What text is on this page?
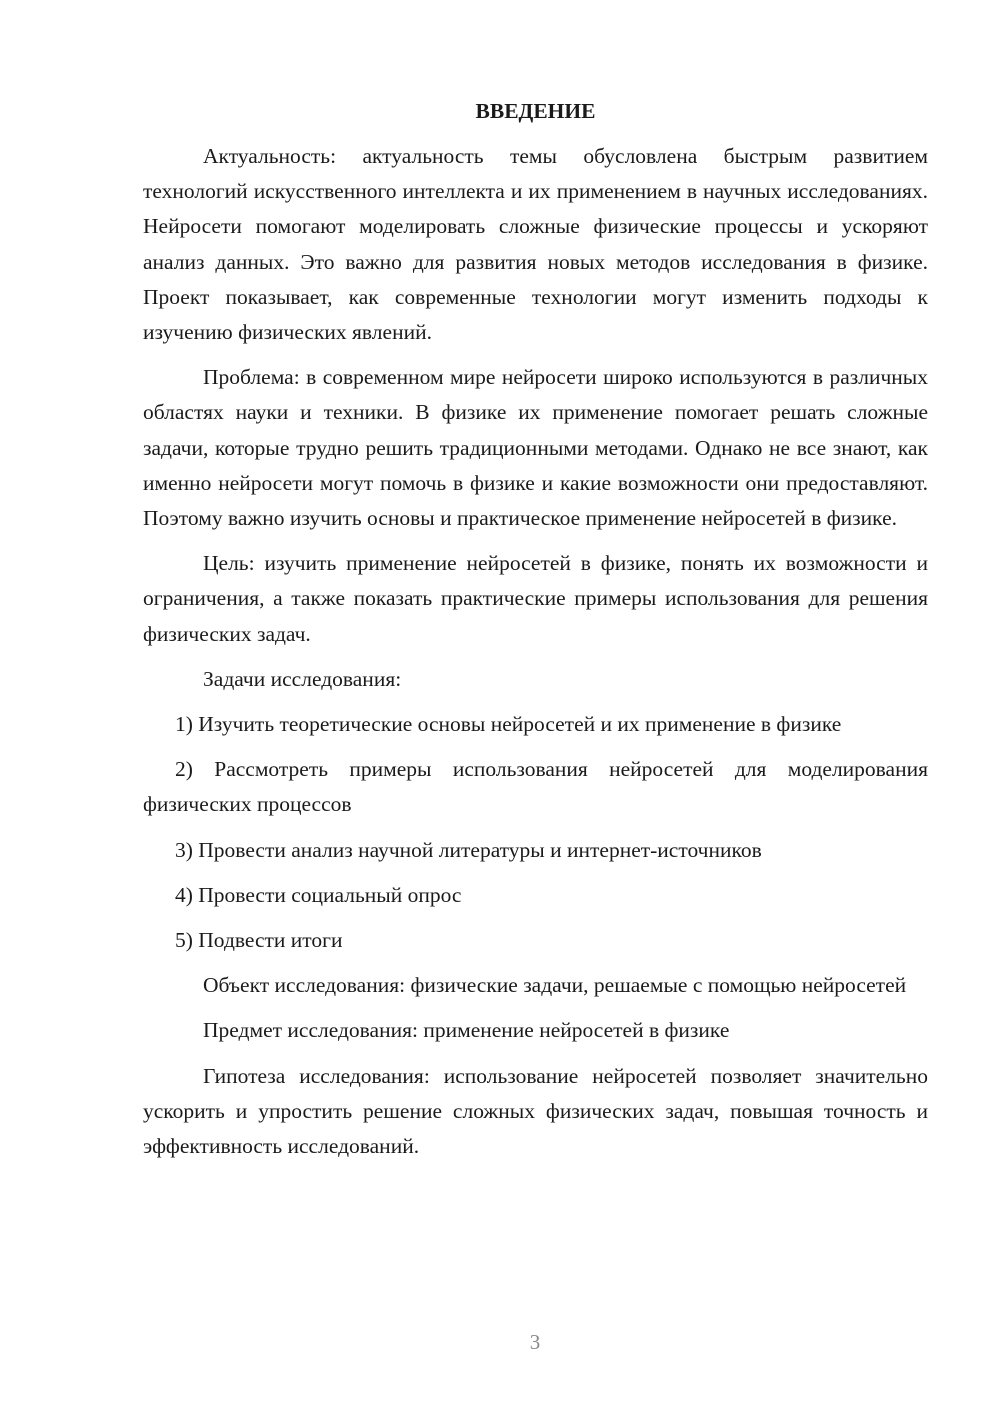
ВВЕДЕНИЕ

Актуальность: актуальность темы обусловлена быстрым развитием технологий искусственного интеллекта и их применением в научных исследованиях. Нейросети помогают моделировать сложные физические процессы и ускоряют анализ данных. Это важно для развития новых методов исследования в физике. Проект показывает, как современные технологии могут изменить подходы к изучению физических явлений.

Проблема: в современном мире нейросети широко используются в различных областях науки и техники. В физике их применение помогает решать сложные задачи, которые трудно решить традиционными методами. Однако не все знают, как именно нейросети могут помочь в физике и какие возможности они предоставляют. Поэтому важно изучить основы и практическое применение нейросетей в физике.

Цель: изучить применение нейросетей в физике, понять их возможности и ограничения, а также показать практические примеры использования для решения физических задач.

Задачи исследования:

1) Изучить теоретические основы нейросетей и их применение в физике

2) Рассмотреть примеры использования нейросетей для моделирования физических процессов

3) Провести анализ научной литературы и интернет-источников

4) Провести социальный опрос

5) Подвести итоги

Объект исследования: физические задачи, решаемые с помощью нейросетей

Предмет исследования: применение нейросетей в физике

Гипотеза исследования: использование нейросетей позволяет значительно ускорить и упростить решение сложных физических задач, повышая точность и эффективность исследований.

3
